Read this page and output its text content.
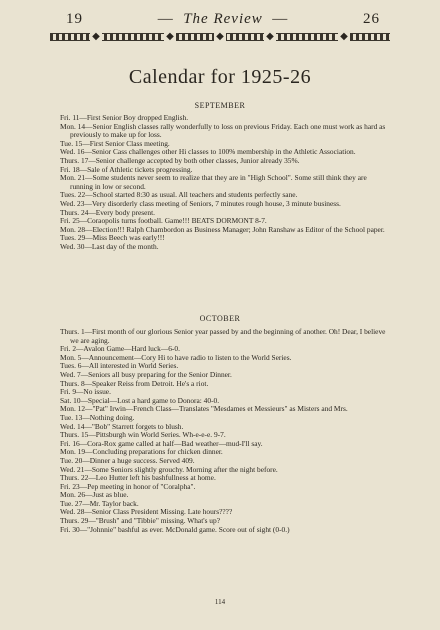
19	— The Review —	26
◆	◆	◆	◆	◆
Calendar for 1925-26
SEPTEMBER
Fri. 11—First Senior Boy dropped English.
Mon. 14—Senior English classes rally wonderfully to loss on previous Friday. Each one must work as hard as previously to make up for loss.
Tue. 15—First Senior Class meeting.
Wed. 16—Senior Cass challenges other Hi classes to 100% membership in the Athletic Association.
Thurs. 17—Senior challenge accepted by both other classes, Junior already 35%.
Fri. 18—Sale of Athletic tickets progressing.
Mon. 21—Some students never seem to realize that they are in "High School". Some still think they are running in low or second.
Tues. 22—School started 8:30 as usual. All teachers and students perfectly sane.
Wed. 23—Very disorderly class meeting of Seniors, 7 minutes rough house, 3 minute business.
Thurs. 24—Every body present.
Fri. 25—Coraopolis turns football. Game!!! BEATS DORMONT 8-7.
Mon. 28—Election!!! Ralph Chambordon as Business Manager; John Ranshaw as Editor of the School paper.
Tues. 29—Miss Beech was early!!!
Wed. 30—Last day of the month.
OCTOBER
Thurs. 1—First month of our glorious Senior year passed by and the beginning of another. Oh! Dear, I believe we are aging.
Fri. 2—Avalon Game—Hard luck—6-0.
Mon. 5—Announcement—Cory Hi to have radio to listen to the World Series.
Tues. 6—All interested in World Series.
Wed. 7—Seniors all busy preparing for the Senior Dinner.
Thurs. 8—Speaker Reiss from Detroit. He's a riot.
Fri. 9—No issue.
Sat. 10—Special—Lost a hard game to Donora: 40-0.
Mon. 12—"Pat" Irwin—French Class—Translates "Mesdames et Messieurs" as Misters and Mrs.
Tue. 13—Nothing doing.
Wed. 14—"Bob" Starrett forgets to blush.
Thurs. 15—Pittsburgh win World Series. Wh-e-e-e. 9-7.
Fri. 16—Cora-Rox game called at half—Bad weather—mud-I'll say.
Mon. 19—Concluding preparations for chicken dinner.
Tue. 20—Dinner a huge success. Served 409.
Wed. 21—Some Seniors slightly grouchy. Morning after the night before.
Thurs. 22—Leo Hutter left his bashfullness at home.
Fri. 23—Pep meeting in honor of "Coralpha".
Mon. 26—Just as blue.
Tue. 27—Mr. Taylor back.
Wed. 28—Senior Class President Missing. Late hours????
Thurs. 29—"Brush" and "Tibbie" missing. What's up?
Fri. 30—"Johnnie" bashful as ever. McDonald game. Score out of sight (0-0.)
114
